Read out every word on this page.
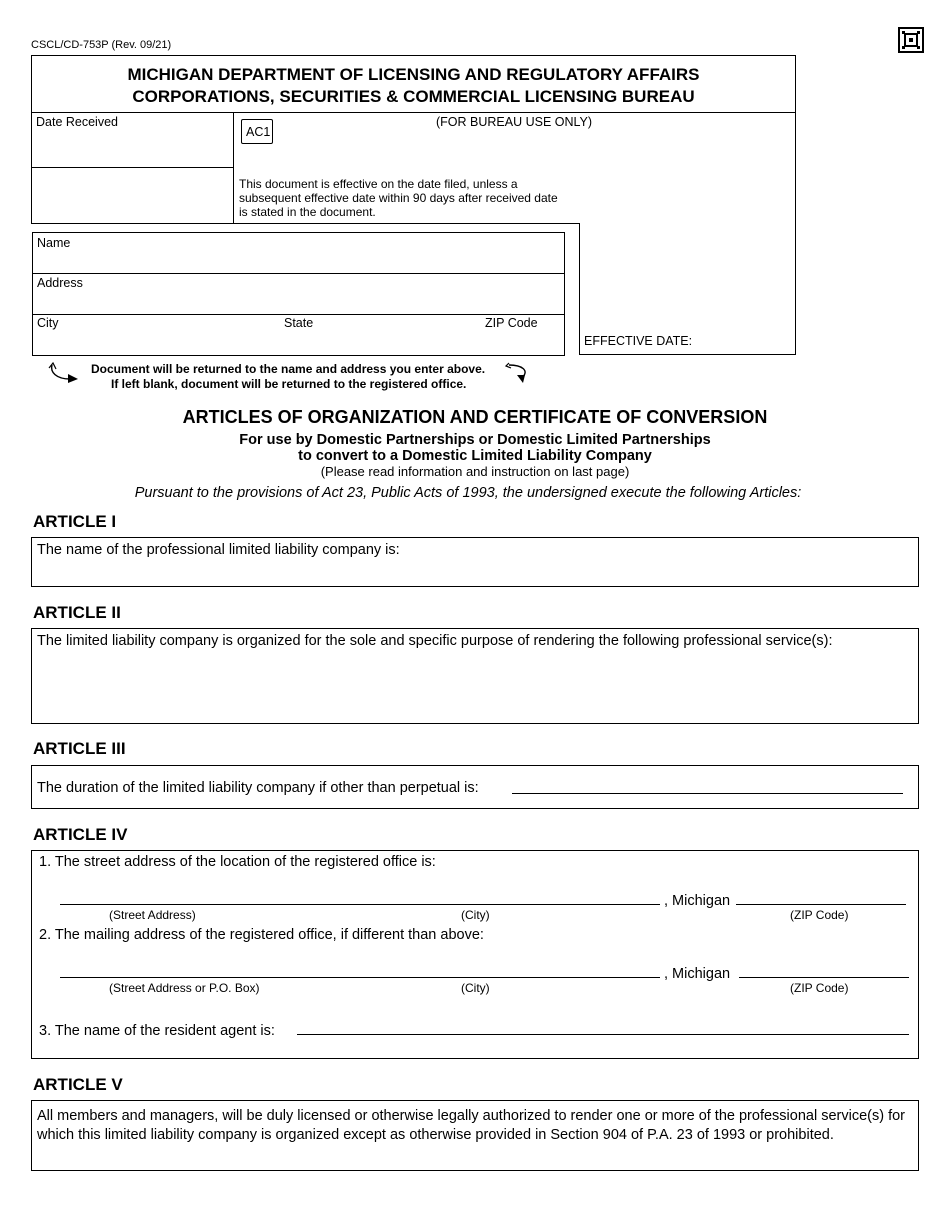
CSCL/CD-753P (Rev. 09/21)
MICHIGAN DEPARTMENT OF LICENSING AND REGULATORY AFFAIRS
CORPORATIONS, SECURITIES & COMMERCIAL LICENSING BUREAU
Date Received	(FOR BUREAU USE ONLY)
AC1
This document is effective on the date filed, unless a subsequent effective date within 90 days after received date is stated in the document.
EFFECTIVE DATE:
Name
Address
City	State	ZIP Code
Document will be returned to the name and address you enter above.
If left blank, document will be returned to the registered office.
ARTICLES OF ORGANIZATION AND CERTIFICATE OF CONVERSION
For use by Domestic Partnerships or Domestic Limited Partnerships
to convert to a Domestic Limited Liability Company
(Please read information and instruction on last page)
Pursuant to the provisions of Act 23, Public Acts of 1993, the undersigned execute the following Articles:
ARTICLE I
The name of the professional limited liability company is:
ARTICLE II
The limited liability company is organized for the sole and specific purpose of rendering the following professional service(s):
ARTICLE III
The duration of the limited liability company if other than perpetual is:
ARTICLE IV
1. The street address of the location of the registered office is:
, Michigan
(Street Address)	(City)	(ZIP Code)
2. The mailing address of the registered office, if different than above:
, Michigan
(Street Address or P.O. Box)	(City)	(ZIP Code)
3. The name of the resident agent is:
ARTICLE V
All members and managers, will be duly licensed or otherwise legally authorized to render one or more of the professional service(s) for which this limited liability company is organized except as otherwise provided in Section 904 of P.A. 23 of 1993 or prohibited.
